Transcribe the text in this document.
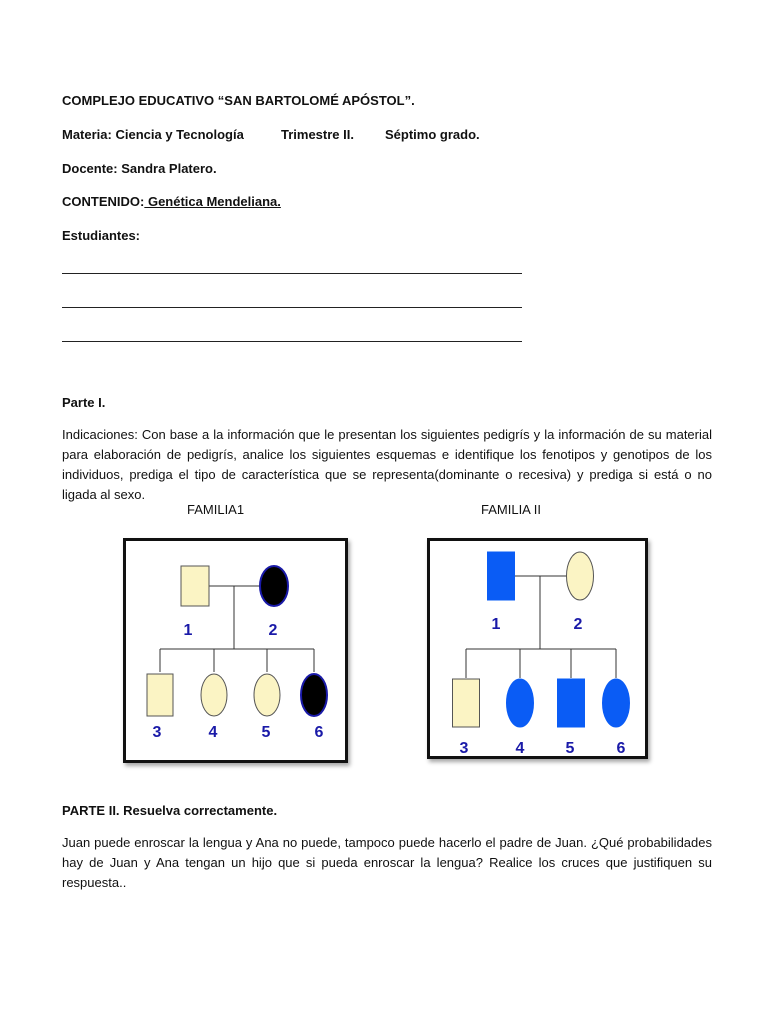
COMPLEJO EDUCATIVO “SAN BARTOLOMÉ APÓSTOL”.
Materia: Ciencia y Tecnología	Trimestre II. Séptimo grado.
Docente: Sandra Platero.
CONTENIDO: Genética Mendeliana.
Estudiantes:
Parte I.
Indicaciones: Con base a la información que le presentan los siguientes pedigrís y la información de su material para elaboración de pedigrís, analice los siguientes esquemas e identifique los fenotipos y genotipos de los individuos, prediga el tipo de característica que se representa(dominante o recesiva) y prediga si está o no ligada al sexo.
FAMILIA1	FAMILIA II
1	2
3	4	5	6
1	2
3	4	5	6
PARTE II. Resuelva correctamente.
Juan puede enroscar la lengua y Ana no puede, tampoco puede hacerlo el padre de Juan. ¿Qué probabilidades hay de Juan y Ana tengan un hijo que si pueda enroscar la lengua? Realice los cruces que justifiquen su respuesta..
